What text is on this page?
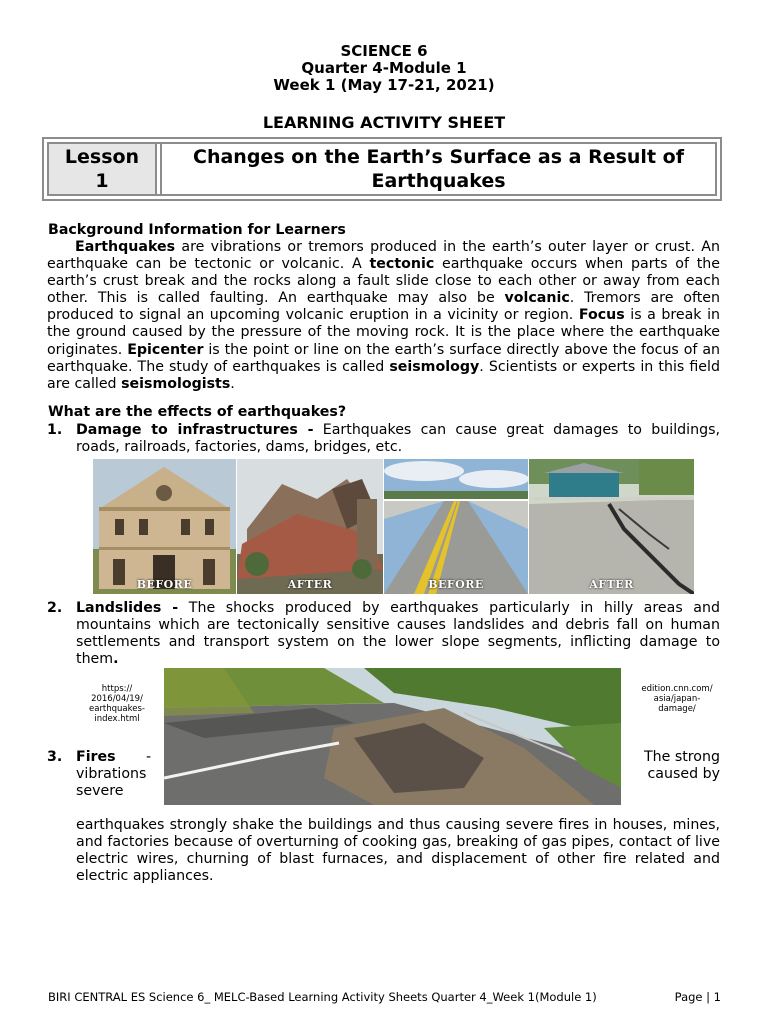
SCIENCE 6
Quarter 4-Module 1
Week 1 (May 17-21, 2021)
LEARNING ACTIVITY SHEET
Lesson
1
Changes on the Earth’s Surface as a Result of
Earthquakes
Background Information for Learners
Earthquakes are vibrations or tremors produced in the earth’s outer layer or crust. An earthquake can be tectonic or volcanic. A tectonic earthquake occurs when parts of the earth’s crust break and the rocks along a fault slide close to each other or away from each other. This is called faulting. An earthquake may also be volcanic. Tremors are often produced to signal an upcoming volcanic eruption in a vicinity or region. Focus is a break in the ground caused by the pressure of the moving rock. It is the place where the earthquake originates. Epicenter is the point or line on the earth’s surface directly above the focus of an earthquake. The study of earthquakes is called seismology. Scientists or experts in this field are called seismologists.
What are the effects of earthquakes?
1. Damage to infrastructures - Earthquakes can cause great damages to buildings, roads, railroads, factories, dams, bridges, etc.
BEFORE	AFTER	BEFORE	AFTER
2. Landslides - The shocks produced by earthquakes particularly in hilly areas and mountains which are tectonically sensitive causes landslides and debris fall on human settlements and transport system on the lower slope segments, inflicting damage to them.
https://
2016/04/19/
earthquakes-
index.html
edition.cnn.com/
asia/japan-
damage/
3. Fires -
vibrations
severe
The strong
caused by
earthquakes strongly shake the buildings and thus causing severe fires in houses, mines, and factories because of overturning of cooking gas, breaking of gas pipes, contact of live electric wires, churning of blast furnaces, and displacement of other fire related and electric appliances.
BIRI CENTRAL ES Science 6_ MELC-Based Learning Activity Sheets Quarter 4_Week 1(Module 1)	Page | 1
